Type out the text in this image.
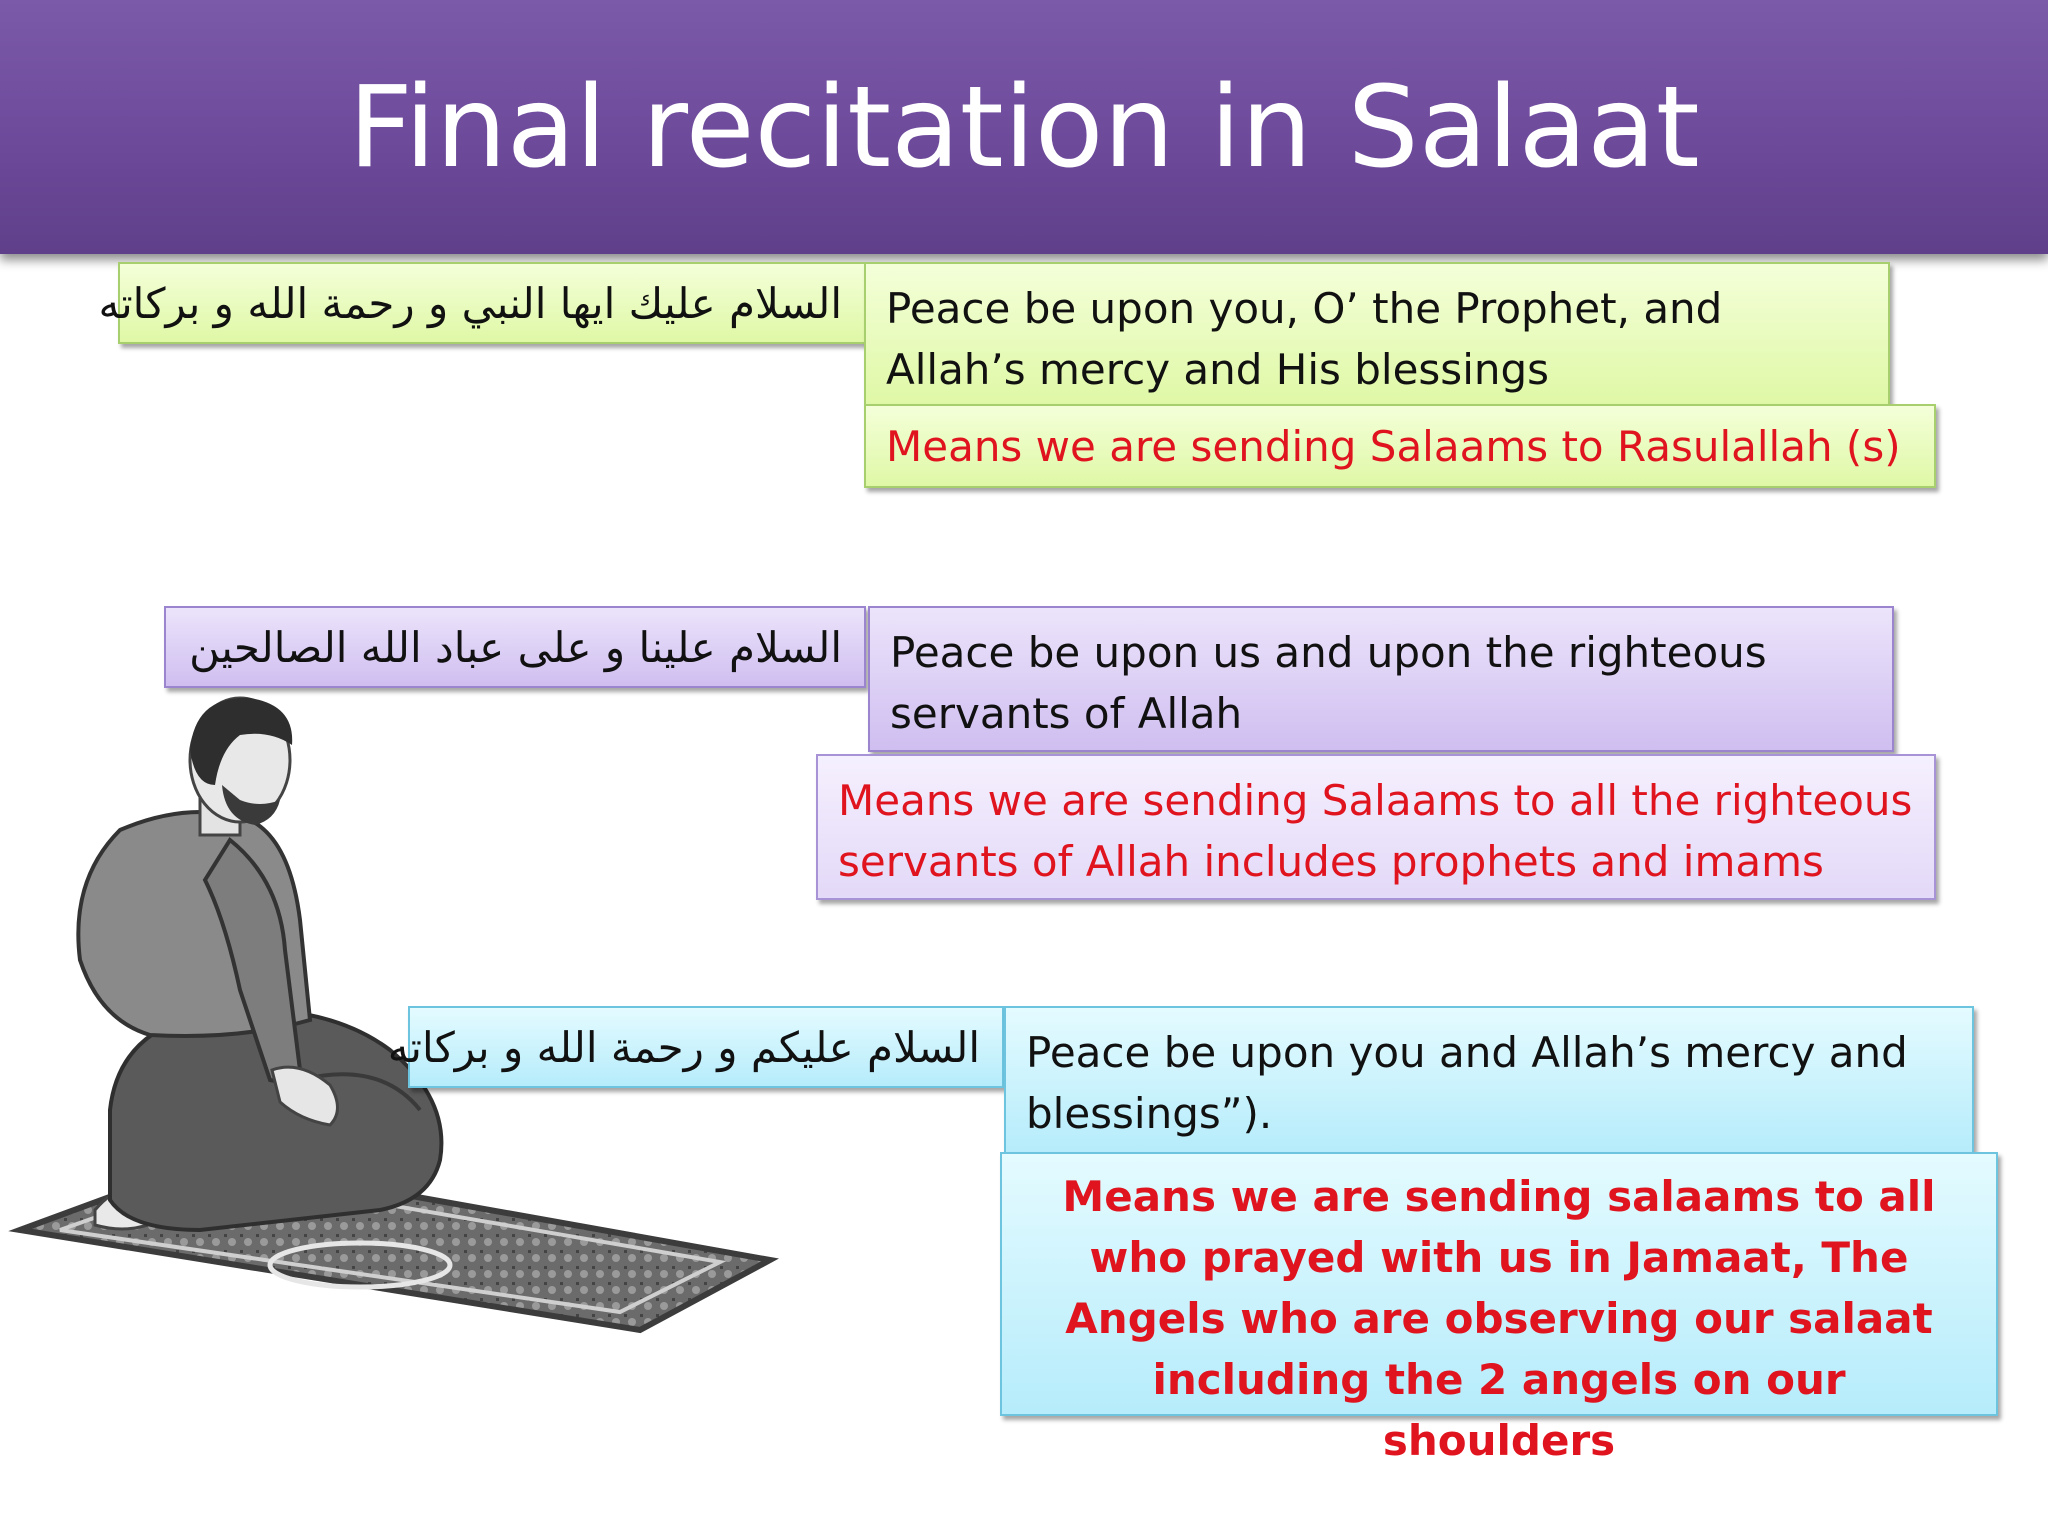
Final recitation in Salaat
السلام عليك ايها النبي و رحمة الله و بركاته	Peace be upon you, O’ the Prophet, and Allah’s mercy and His blessings
Means we are sending Salaams to Rasulallah (s)
السلام علينا و على عباد الله الصالحين	Peace be upon us and upon the righteous servants of Allah
Means we are sending Salaams to all the righteous servants of Allah includes prophets and imams
السلام عليكم و رحمة الله و بركاته	Peace be upon you and Allah’s mercy and blessings”).
Means we are sending salaams to all who prayed with us in Jamaat, The Angels who are observing our salaat including the 2 angels on our shoulders
